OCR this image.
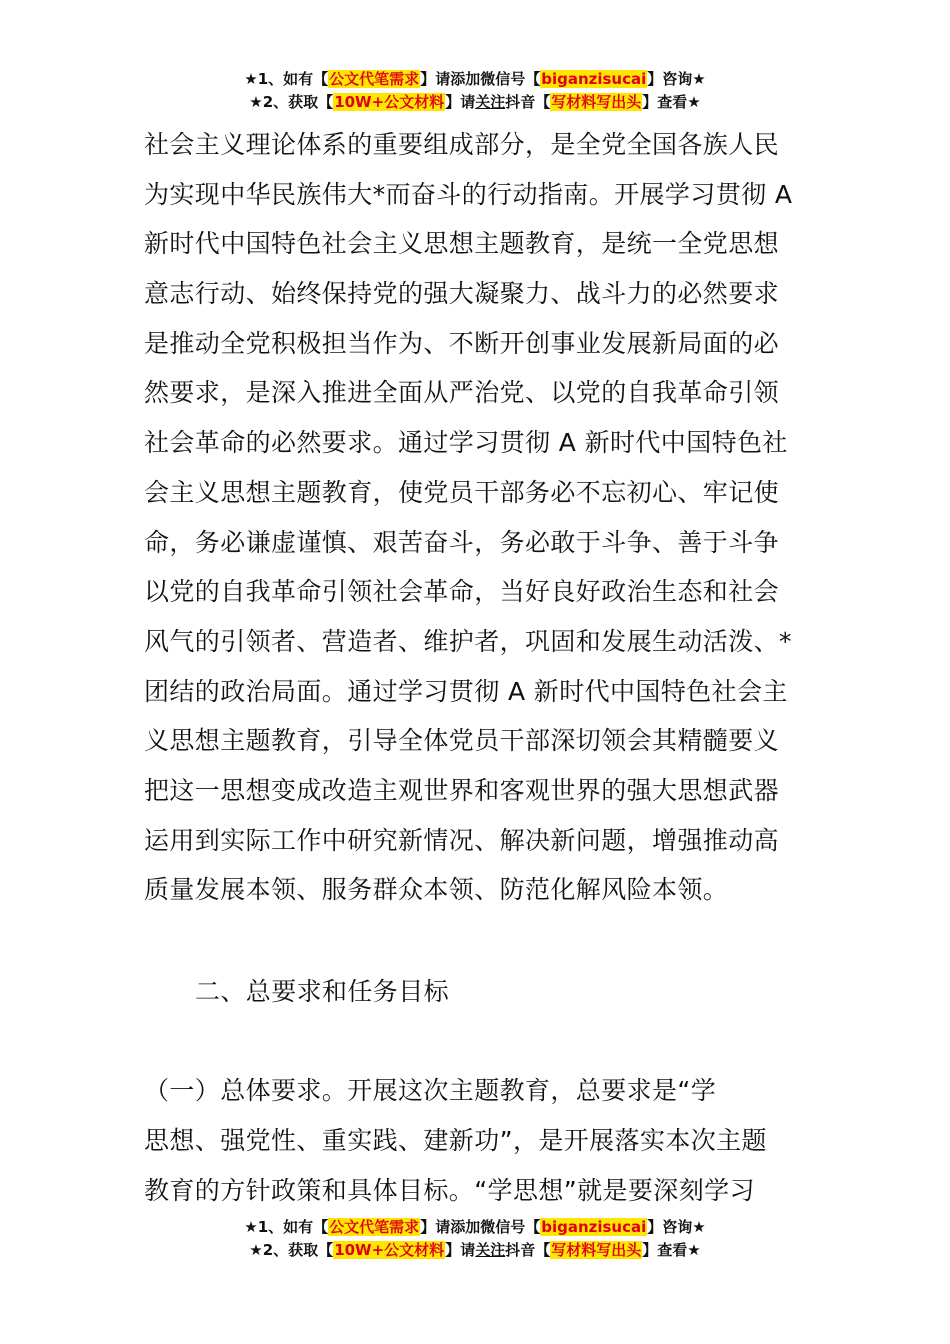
★1、如有【公文代笔需求】请添加微信号【biganzisucai】咨询★
★2、获取【10W+公文材料】请关注抖音【写材料写出头】查看★
社会主义理论体系的重要组成部分，是全党全国各族人民
为实现中华民族伟大*而奋斗的行动指南。开展学习贯彻 A
新时代中国特色社会主义思想主题教育，是统一全党思想
意志行动、始终保持党的强大凝聚力、战斗力的必然要求
是推动全党积极担当作为、不断开创事业发展新局面的必
然要求，是深入推进全面从严治党、以党的自我革命引领
社会革命的必然要求。通过学习贯彻 A 新时代中国特色社
会主义思想主题教育，使党员干部务必不忘初心、牢记使
命，务必谦虚谨慎、艰苦奋斗，务必敢于斗争、善于斗争
以党的自我革命引领社会革命，当好良好政治生态和社会
风气的引领者、营造者、维护者，巩固和发展生动活泼、*
团结的政治局面。通过学习贯彻 A 新时代中国特色社会主
义思想主题教育，引导全体党员干部深切领会其精髓要义
把这一思想变成改造主观世界和客观世界的强大思想武器
运用到实际工作中研究新情况、解决新问题，增强推动高
质量发展本领、服务群众本领、防范化解风险本领。
二、总要求和任务目标
（一）总体要求。开展这次主题教育，总要求是“学
思想、强党性、重实践、建新功”，是开展落实本次主题
教育的方针政策和具体目标。“学思想”就是要深刻学习
★1、如有【公文代笔需求】请添加微信号【biganzisucai】咨询★
★2、获取【10W+公文材料】请关注抖音【写材料写出头】查看★
